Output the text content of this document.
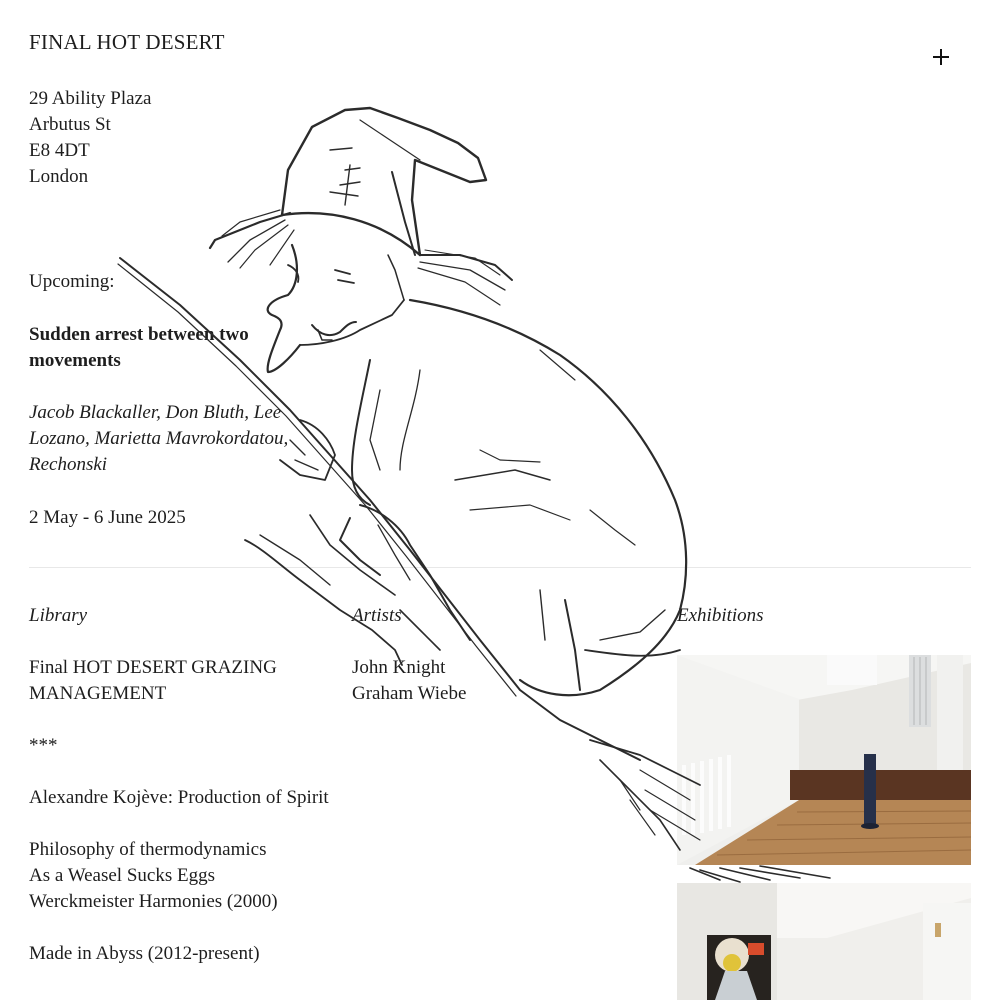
FINAL HOT DESERT
29 Ability Plaza
Arbutus St
E8 4DT
London
Upcoming:
Sudden arrest between two movements
Jacob Blackaller, Don Bluth, Lee Lozano, Marietta Mavrokordatou, Rechonski
2 May - 6 June 2025
Library	Artists	Exhibitions
Final HOT DESERT GRAZING MANAGEMENT
***
Alexandre Kojève: Production of Spirit
Philosophy of thermodynamics
As a Weasel Sucks Eggs
Werckmeister Harmonies (2000)
Made in Abyss (2012-present)
John Knight
Graham Wiebe
